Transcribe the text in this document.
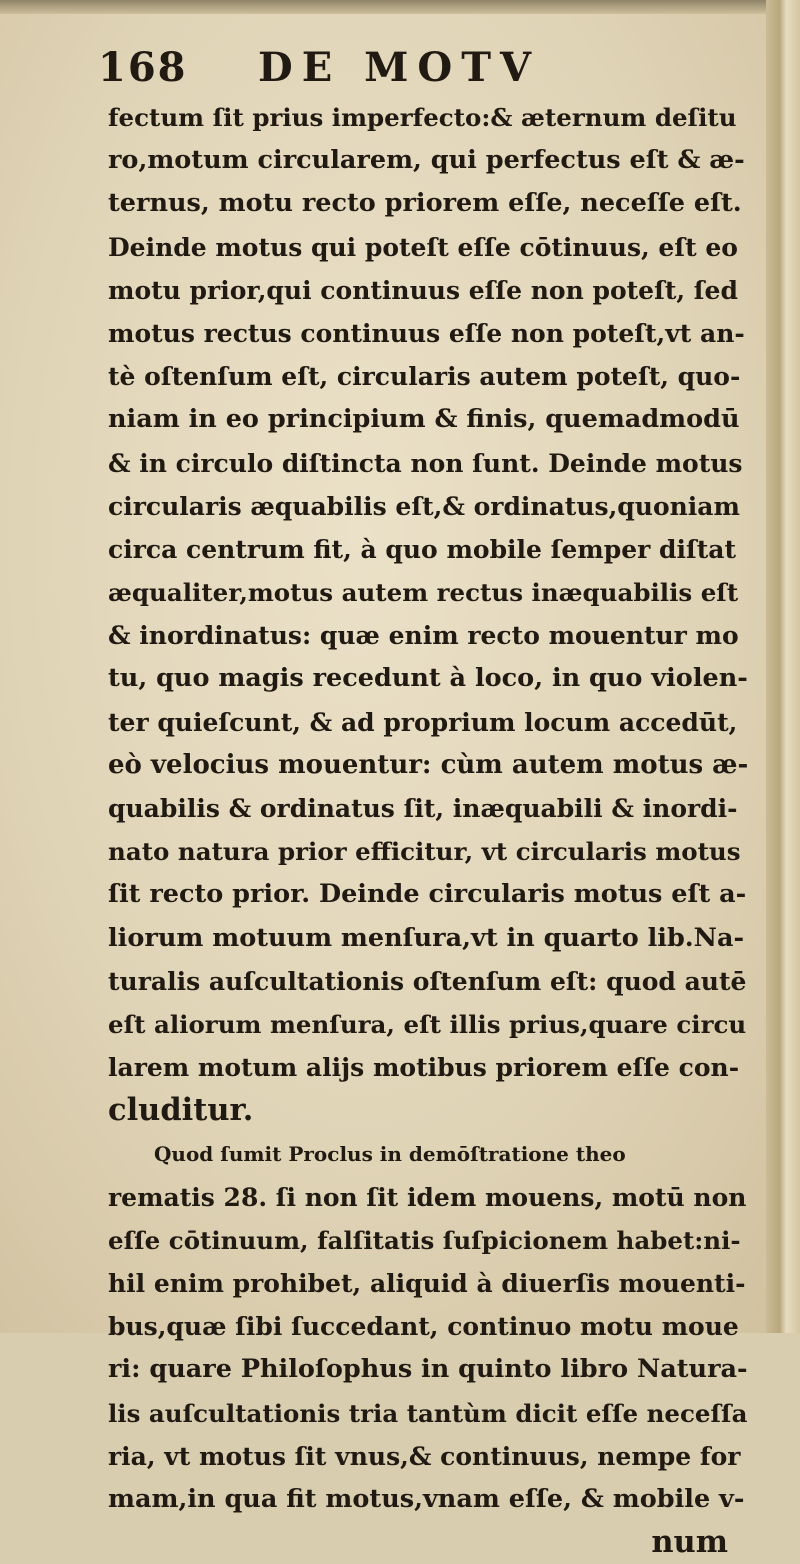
168 DE MOTV
fectum ſit prius imperfecto:& æternum deſitu
ro,motum circularem, qui perfectus eſt & æ-
ternus, motu recto priorem eſſe, neceſſe eſt.
Deinde motus qui poteſt eſſe cōtinuus, eſt eo
motu prior,qui continuus eſſe non poteſt, ſed
motus rectus continuus eſſe non poteſt,vt an-
tè oſtenſum eſt, circularis autem poteſt, quo-
niam in eo principium & finis, quemadmodū
& in circulo diſtincta non ſunt. Deinde motus
circularis æquabilis eſt,& ordinatus,quoniam
circa centrum fit, à quo mobile ſemper diſtat
æqualiter,motus autem rectus inæquabilis eſt
& inordinatus: quæ enim recto mouentur mo
tu, quo magis recedunt à loco, in quo violen-
ter quieſcunt, & ad proprium locum accedūt,
eò velocius mouentur: cùm autem motus æ-
quabilis & ordinatus ſit, inæquabili & inordi-
nato natura prior efficitur, vt circularis motus
ſit recto prior. Deinde circularis motus eſt a-
liorum motuum menſura,vt in quarto lib.Na-
turalis auſcultationis oſtenſum eſt: quod autē
eſt aliorum menſura, eſt illis prius,quare circu
larem motum alijs motibus priorem eſſe con-
cluditur.
Quod ſumit Proclus in demōſtratione theo
rematis 28. ſi non ſit idem mouens, motū non
eſſe cōtinuum, falſitatis ſuſpicionem habet:ni-
hil enim prohibet, aliquid à diuerſis mouenti-
bus,quæ ſibi ſuccedant, continuo motu moue
ri: quare Philoſophus in quinto libro Natura-
lis auſcultationis tria tantùm dicit eſſe neceſſa
ria, vt motus ſit vnus,& continuus, nempe for
mam,in qua fit motus,vnam eſſe, & mobile v-
num
